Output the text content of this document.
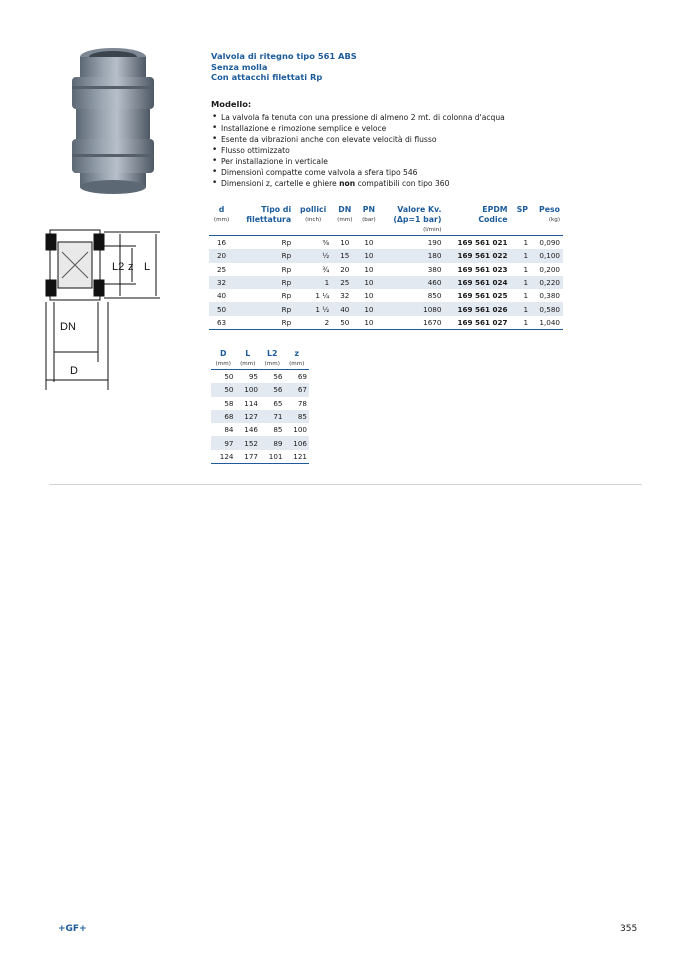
L2 z L
DN
D
Valvola di ritegno tipo 561 ABS
Senza molla
Con attacchi filettati Rp
Modello:
• La valvola fa tenuta con una pressione di almeno 2 mt. di colonna d'acqua
• Installazione e rimozione semplice e veloce
• Esente da vibrazioni anche con elevate velocità di flusso
• Flusso ottimizzato
• Per installazione in verticale
• Dimensionì compatte come valvola a sfera tipo 546
• Dimensioni z, cartelle e ghiere non compatibili con tipo 360
d	Tipo di	pollici	DN	PN	Valore Kv.	EPDM	SP	Peso
(mm)	filettatura	(inch)	(mm)	(bar)	(Δp=1 bar)	Codice		(kg)
					(l/min)			
16	Rp	⅜	10	10	190	169 561 021	1	0,090
20	Rp	½	15	10	180	169 561 022	1	0,100
25	Rp	¾	20	10	380	169 561 023	1	0,200
32	Rp	1	25	10	460	169 561 024	1	0,220
40	Rp	1 ¼	32	10	850	169 561 025	1	0,380
50	Rp	1 ½	40	10	1080	169 561 026	1	0,580
63	Rp	2	50	10	1670	169 561 027	1	1,040
D	L	L2	z
(mm)	(mm)	(mm)	(mm)
50	95	56	69
50	100	56	67
58	114	65	78
68	127	71	85
84	146	85	100
97	152	89	106
124	177	101	121
+GF+	355
